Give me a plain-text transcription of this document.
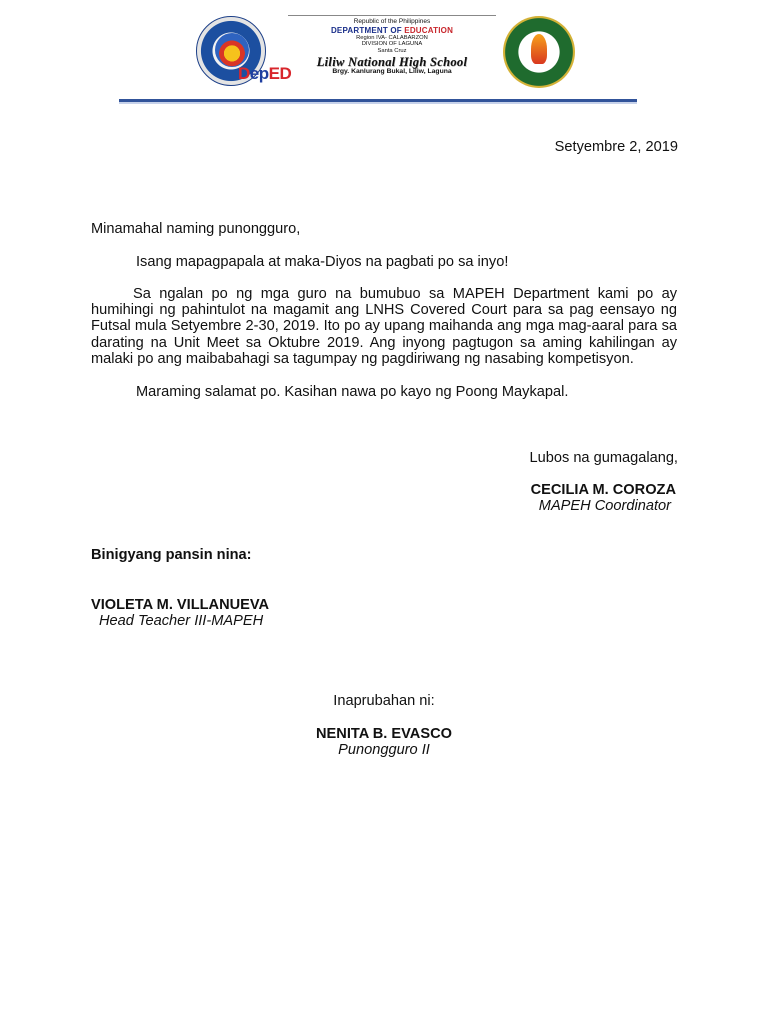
DepED
Republic of the Philippines
DEPARTMENT OF EDUCATION
Region IVA- CALABARZON
DIVISION OF LAGUNA
Santa Cruz
Liliw National High School
Brgy. Kanlurang Bukal, Liliw, Laguna
Setyembre 2, 2019
Minamahal naming punongguro,
Isang mapagpapala at maka-Diyos na pagbati po sa inyo!
Sa ngalan po ng mga guro na bumubuo sa MAPEH Department kami po ay humihingi ng pahintulot na magamit ang LNHS Covered Court para sa pag eensayo ng Futsal mula Setyembre 2-30, 2019. Ito po ay upang maihanda ang mga mag-aaral para sa darating na Unit Meet sa Oktubre 2019. Ang inyong pagtugon sa aming kahilingan ay malaki po ang maibabahagi sa tagumpay ng pagdiriwang ng nasabing kompetisyon.
Maraming salamat po. Kasihan nawa po kayo ng Poong Maykapal.
Lubos na gumagalang,
CECILIA M. COROZA
MAPEH Coordinator
Binigyang pansin nina:
VIOLETA M. VILLANUEVA
Head Teacher III-MAPEH
Inaprubahan ni:
NENITA B. EVASCO
Punongguro II
